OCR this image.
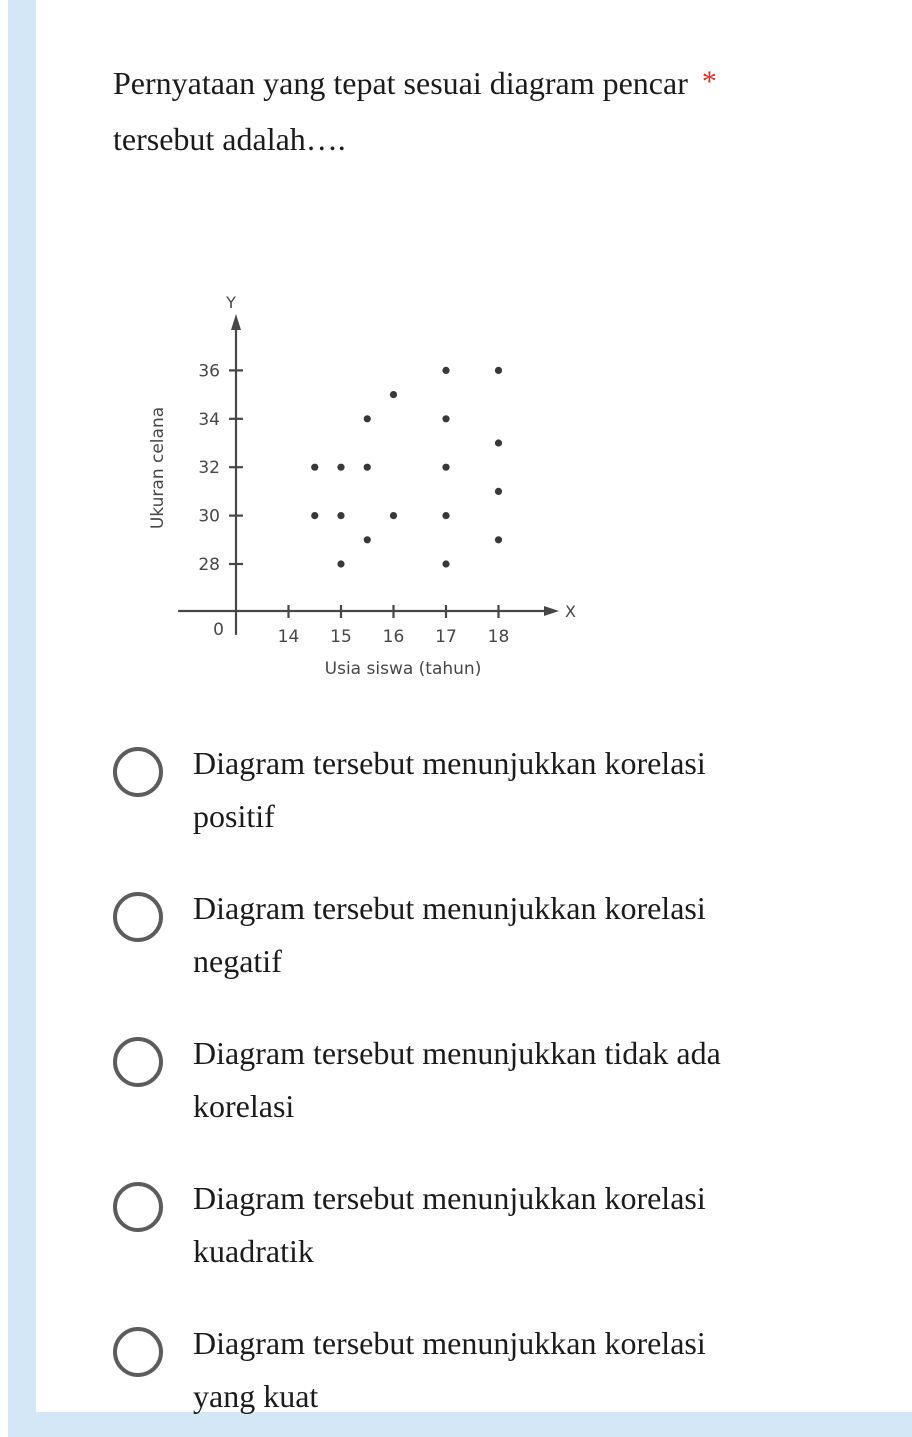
Pernyataan yang tepat sesuai diagram pencar *
tersebut adalah….
14 15 16 17 18
28
30
32
34
36
Y
X
0
Usia siswa (tahun)
Ukuran celana
Diagram tersebut menunjukkan korelasi
positif
Diagram tersebut menunjukkan korelasi
negatif
Diagram tersebut menunjukkan tidak ada
korelasi
Diagram tersebut menunjukkan korelasi
kuadratik
Diagram tersebut menunjukkan korelasi
yang kuat
